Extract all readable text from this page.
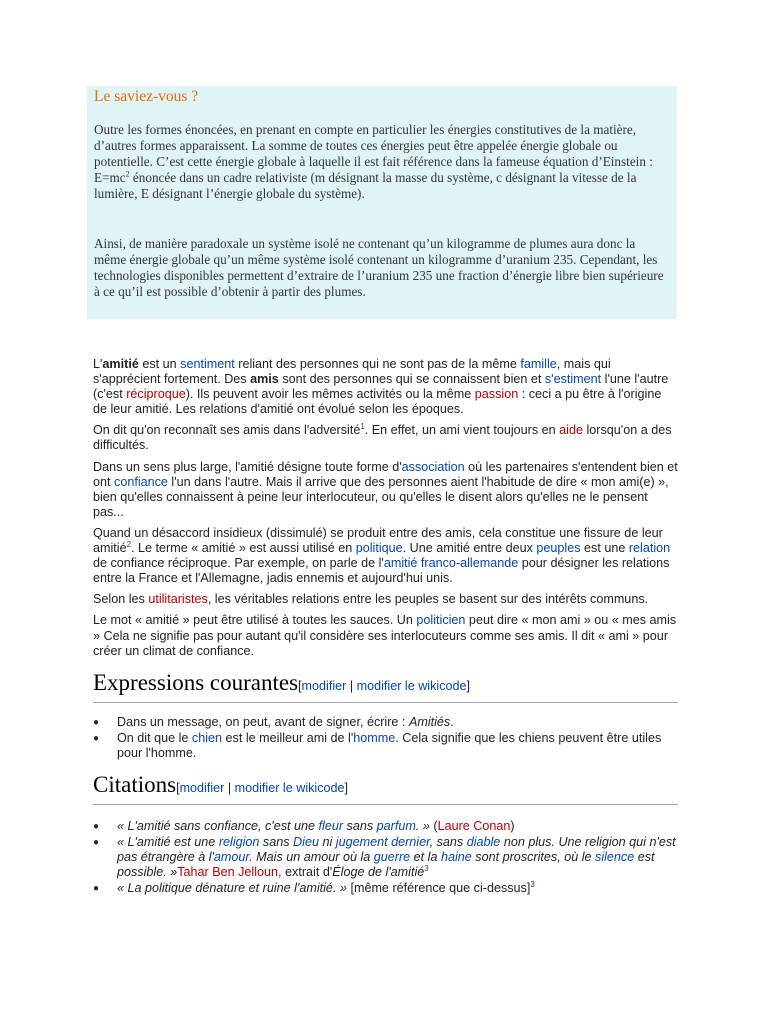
Le saviez-vous ?

Outre les formes énoncées, en prenant en compte en particulier les énergies constitutives de la matière, d’autres formes apparaissent. La somme de toutes ces énergies peut être appelée énergie globale ou potentielle. C’est cette énergie globale à laquelle il est fait référence dans la fameuse équation d’Einstein : $E=mc^2$ énoncée dans un cadre relativiste (m désignant la masse du système, c désignant la vitesse de la lumière, E désignant l’énergie globale du système).

Ainsi, de manière paradoxale un système isolé ne contenant qu’un kilogramme de plumes aura donc la même énergie globale qu’un même système isolé contenant un kilogramme d’uranium 235. Cependant, les technologies disponibles permettent d’extraire de l’uranium 235 une fraction d’énergie libre bien supérieure à ce qu’il est possible d’obtenir à partir des plumes.

L'amitié est un sentiment reliant des personnes qui ne sont pas de la même famille, mais qui s'apprécient fortement. Des amis sont des personnes qui se connaissent bien et s'estiment l'une l'autre (c'est réciproque). Ils peuvent avoir les mêmes activités ou la même passion : ceci a pu être à l'origine de leur amitié. Les relations d'amitié ont évolué selon les époques.

On dit qu'on reconnaît ses amis dans l'adversité$^1$. En effet, un ami vient toujours en aide lorsqu'on a des difficultés.

Dans un sens plus large, l'amitié désigne toute forme d'association où les partenaires s'entendent bien et ont confiance l'un dans l'autre. Mais il arrive que des personnes aient l'habitude de dire « mon ami(e) », bien qu'elles connaissent à peine leur interlocuteur, ou qu'elles le disent alors qu'elles ne le pensent pas...

Quand un désaccord insidieux (dissimulé) se produit entre des amis, cela constitue une fissure de leur amitié$^2$. Le terme « amitié » est aussi utilisé en politique. Une amitié entre deux peuples est une relation de confiance réciproque. Par exemple, on parle de l'amitié franco-allemande pour désigner les relations entre la France et l'Allemagne, jadis ennemis et aujourd'hui unis.

Selon les utilitaristes, les véritables relations entre les peuples se basent sur des intérêts communs.

Le mot « amitié » peut être utilisé à toutes les sauces. Un politicien peut dire « mon ami » ou « mes amis » Cela ne signifie pas pour autant qu'il considère ses interlocuteurs comme ses amis. Il dit « ami » pour créer un climat de confiance.

Expressions courantes[modifier | modifier le wikicode]
● Dans un message, on peut, avant de signer, écrire : Amitiés.
● On dit que le chien est le meilleur ami de l'homme. Cela signifie que les chiens peuvent être utiles pour l'homme.
Citations[modifier | modifier le wikicode]
● « L'amitié sans confiance, c'est une fleur sans parfum. » (Laure Conan)
● « L'amitié est une religion sans Dieu ni jugement dernier, sans diable non plus. Une religion qui n'est pas étrangère à l'amour. Mais un amour où la guerre et la haine sont proscrites, où le silence est possible. »Tahar Ben Jelloun, extrait d'Éloge de l'amitié$^3$
● « La politique dénature et ruine l'amitié. » [même référence que ci-dessus]$^3$
